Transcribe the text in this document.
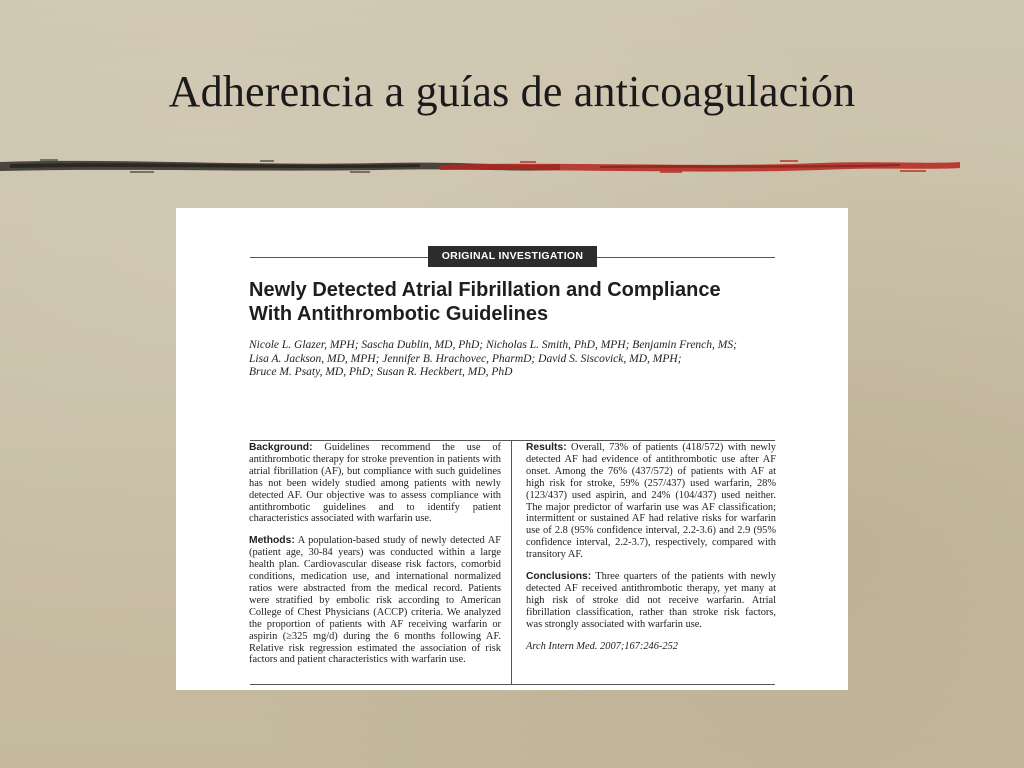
Adherencia a guías de anticoagulación
ORIGINAL INVESTIGATION
Newly Detected Atrial Fibrillation and Compliance
With Antithrombotic Guidelines
Nicole L. Glazer, MPH; Sascha Dublin, MD, PhD; Nicholas L. Smith, PhD, MPH; Benjamin French, MS;
Lisa A. Jackson, MD, MPH; Jennifer B. Hrachovec, PharmD; David S. Siscovick, MD, MPH;
Bruce M. Psaty, MD, PhD; Susan R. Heckbert, MD, PhD

Background: Guidelines recommend the use of antithrombotic therapy for stroke prevention in patients with atrial fibrillation (AF), but compliance with such guidelines has not been widely studied among patients with newly detected AF. Our objective was to assess compliance with antithrombotic guidelines and to identify patient characteristics associated with warfarin use.

Methods: A population-based study of newly detected AF (patient age, 30-84 years) was conducted within a large health plan. Cardiovascular disease risk factors, comorbid conditions, medication use, and international normalized ratios were abstracted from the medical record. Patients were stratified by embolic risk according to American College of Chest Physicians (ACCP) criteria. We analyzed the proportion of patients with AF receiving warfarin or aspirin (≥325 mg/d) during the 6 months following AF. Relative risk regression estimated the association of risk factors and patient characteristics with warfarin use.

Results: Overall, 73% of patients (418/572) with newly detected AF had evidence of antithrombotic use after AF onset. Among the 76% (437/572) of patients with AF at high risk for stroke, 59% (257/437) used warfarin, 28% (123/437) used aspirin, and 24% (104/437) used neither. The major predictor of warfarin use was AF classification; intermittent or sustained AF had relative risks for warfarin use of 2.8 (95% confidence interval, 2.2-3.6) and 2.9 (95% confidence interval, 2.2-3.7), respectively, compared with transitory AF.

Conclusions: Three quarters of the patients with newly detected AF received antithrombotic therapy, yet many at high risk of stroke did not receive warfarin. Atrial fibrillation classification, rather than stroke risk factors, was strongly associated with warfarin use.

Arch Intern Med. 2007;167:246-252
